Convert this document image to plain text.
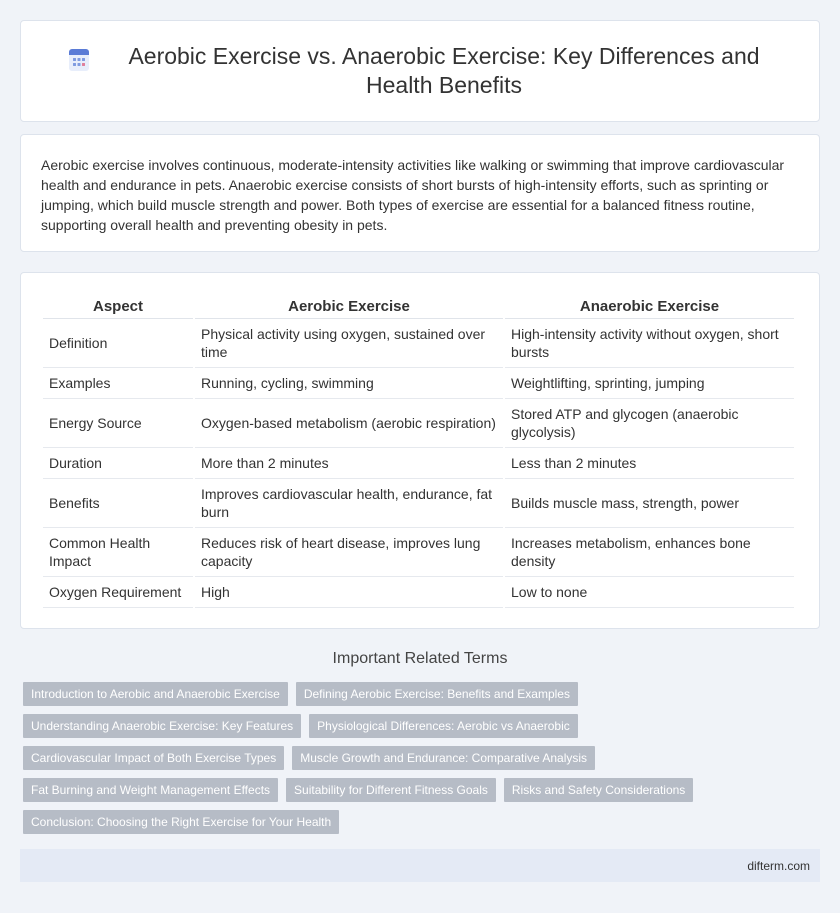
Aerobic Exercise vs. Anaerobic Exercise: Key Differences and Health Benefits

Aerobic exercise involves continuous, moderate-intensity activities like walking or swimming that improve cardiovascular health and endurance in pets. Anaerobic exercise consists of short bursts of high-intensity efforts, such as sprinting or jumping, which build muscle strength and power. Both types of exercise are essential for a balanced fitness routine, supporting overall health and preventing obesity in pets.

Aspect	Aerobic Exercise	Anaerobic Exercise
Definition	Physical activity using oxygen, sustained over time	High-intensity activity without oxygen, short bursts
Examples	Running, cycling, swimming	Weightlifting, sprinting, jumping
Energy Source	Oxygen-based metabolism (aerobic respiration)	Stored ATP and glycogen (anaerobic glycolysis)
Duration	More than 2 minutes	Less than 2 minutes
Benefits	Improves cardiovascular health, endurance, fat burn	Builds muscle mass, strength, power
Common Health Impact	Reduces risk of heart disease, improves lung capacity	Increases metabolism, enhances bone density
Oxygen Requirement	High	Low to none
Important Related Terms
Introduction to Aerobic and Anaerobic Exercise	Defining Aerobic Exercise: Benefits and Examples
Understanding Anaerobic Exercise: Key Features	Physiological Differences: Aerobic vs Anaerobic
Cardiovascular Impact of Both Exercise Types	Muscle Growth and Endurance: Comparative Analysis
Fat Burning and Weight Management Effects	Suitability for Different Fitness Goals	Risks and Safety Considerations
Conclusion: Choosing the Right Exercise for Your Health
difterm.com
